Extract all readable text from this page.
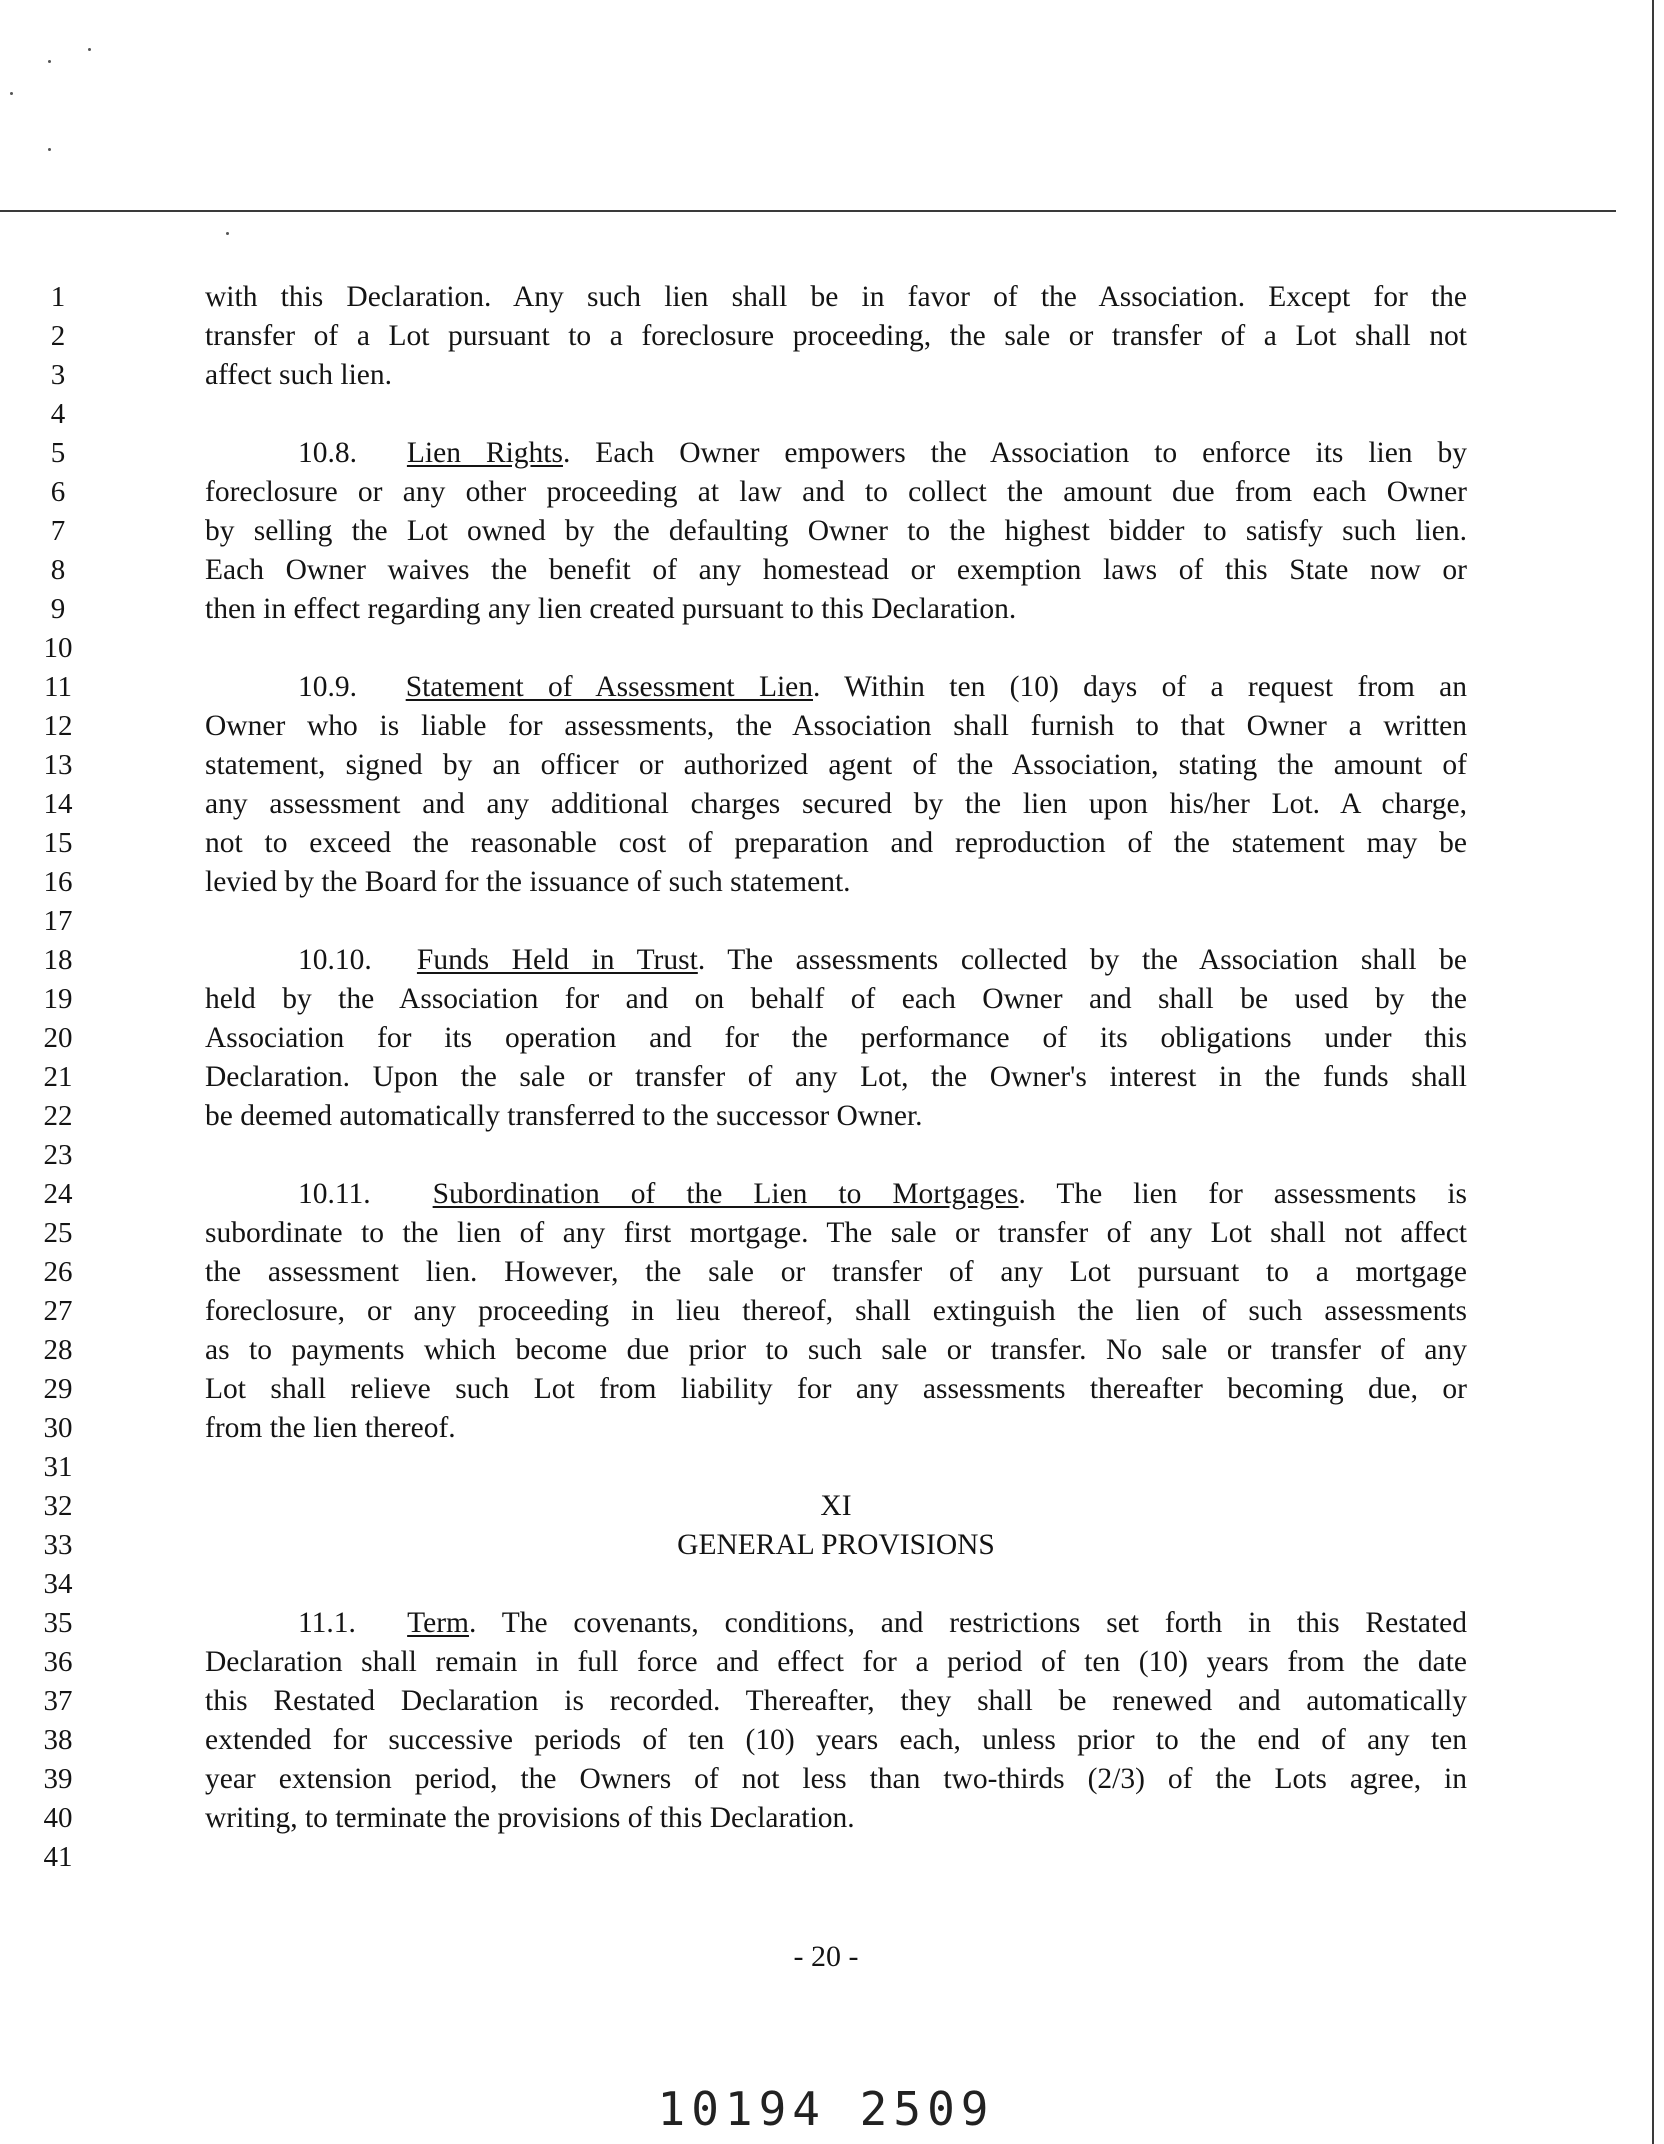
1
2
3
4
5
6
7
8
9
10
11
12
13
14
15
16
17
18
19
20
21
22
23
24
25
26
27
28
29
30
31
32
33
34
35
36
37
38
39
40
41
with this Declaration. Any such lien shall be in favor of the Association. Except for the
transfer of a Lot pursuant to a foreclosure proceeding, the sale or transfer of a Lot shall not
affect such lien.
10.8. Lien Rights. Each Owner empowers the Association to enforce its lien by
foreclosure or any other proceeding at law and to collect the amount due from each Owner
by selling the Lot owned by the defaulting Owner to the highest bidder to satisfy such lien.
Each Owner waives the benefit of any homestead or exemption laws of this State now or
then in effect regarding any lien created pursuant to this Declaration.
10.9. Statement of Assessment Lien. Within ten (10) days of a request from an
Owner who is liable for assessments, the Association shall furnish to that Owner a written
statement, signed by an officer or authorized agent of the Association, stating the amount of
any assessment and any additional charges secured by the lien upon his/her Lot. A charge,
not to exceed the reasonable cost of preparation and reproduction of the statement may be
levied by the Board for the issuance of such statement.
10.10. Funds Held in Trust. The assessments collected by the Association shall be
held by the Association for and on behalf of each Owner and shall be used by the
Association for its operation and for the performance of its obligations under this
Declaration. Upon the sale or transfer of any Lot, the Owner's interest in the funds shall
be deemed automatically transferred to the successor Owner.
10.11. Subordination of the Lien to Mortgages. The lien for assessments is
subordinate to the lien of any first mortgage. The sale or transfer of any Lot shall not affect
the assessment lien. However, the sale or transfer of any Lot pursuant to a mortgage
foreclosure, or any proceeding in lieu thereof, shall extinguish the lien of such assessments
as to payments which become due prior to such sale or transfer. No sale or transfer of any
Lot shall relieve such Lot from liability for any assessments thereafter becoming due, or
from the lien thereof.
XI
GENERAL PROVISIONS
11.1. Term. The covenants, conditions, and restrictions set forth in this Restated
Declaration shall remain in full force and effect for a period of ten (10) years from the date
this Restated Declaration is recorded. Thereafter, they shall be renewed and automatically
extended for successive periods of ten (10) years each, unless prior to the end of any ten
year extension period, the Owners of not less than two-thirds (2/3) of the Lots agree, in
writing, to terminate the provisions of this Declaration.
- 20 -
10194 2509
